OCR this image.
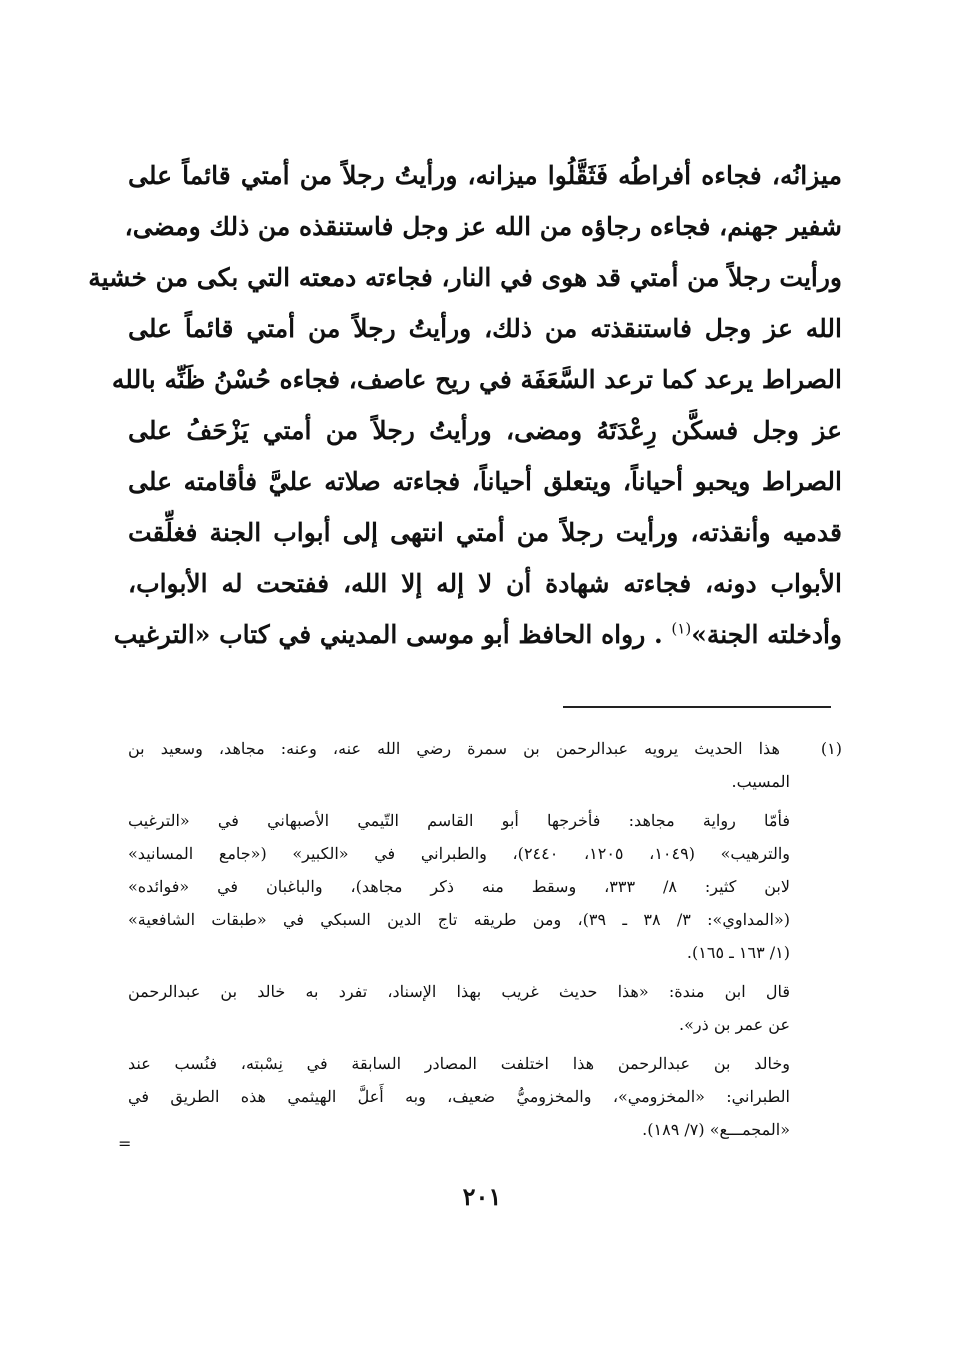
ميزانُه، فجاءه أفراطُه فَثَقَّلُوا ميزانه، ورأيتُ رجلاً من أمتي قائماً على
شفير جهنم، فجاءه رجاؤه من الله عز وجل فاستنقذه من ذلك ومضى،
ورأيت رجلاً من أمتي قد هوى في النار، فجاءته دمعته التي بكى من خشية
الله عز وجل فاستنقذته من ذلك، ورأيتُ رجلاً من أمتي قائماً على
الصراط يرعد كما ترعد السَّعَفَة في ريح عاصف، فجاءه حُسْنُ ظَنِّه بالله
عز وجل فسكَّن رِعْدَتَهُ ومضى، ورأيتُ رجلاً من أمتي يَزْحَفُ على
الصراط ويحبو أحياناً، ويتعلق أحياناً، فجاءته صلاته عليَّ فأقامته على
قدميه وأنقذته، ورأيت رجلاً من أمتي انتهى إلى أبواب الجنة فغلِّقت
الأبواب دونه، فجاءته شهادة أن لا إله إلا الله، ففتحت له الأبواب،
وأدخلته الجنة»$^{(١)}$ . رواه الحافظ أبو موسى المديني في كتاب «الترغيب
(١) هذا الحديث يرويه عبدالرحمن بن سمرة رضي الله عنه، وعنه: مجاهد، وسعيد بن
المسيب.
فأمّا رواية مجاهد: فأخرجها أبو القاسم التّيمي الأصبهاني في «الترغيب
والترهيب» (١٠٤٩، ١٢٠٥، ٢٤٤٠)، والطبراني في «الكبير» («جامع المسانيد»
لابن كثير: ٨/ ٣٣٣، وسقط منه ذكر مجاهد)، والباغبان في «فوائده»
(«المداوي»: ٣/ ٣٨ ـ ٣٩)، ومن طريقه تاج الدين السبكي في «طبقات الشافعية»
(١/ ١٦٣ ـ ١٦٥).
قال ابن مندة: «هذا حديث غريب بهذا الإسناد، تفرد به خالد بن عبدالرحمن
عن عمر بن ذر».
وخالد بن عبدالرحمن هذا اختلفت المصادر السابقة في نِسْبته، فنُسب عند
الطبراني: «المخزومي»، والمخزوميُّ ضعيف، وبه أَعلَّ الهيثمي هذه الطريق في
«المجمـــع» (٧/ ١٨٩).
=
٢٠١
